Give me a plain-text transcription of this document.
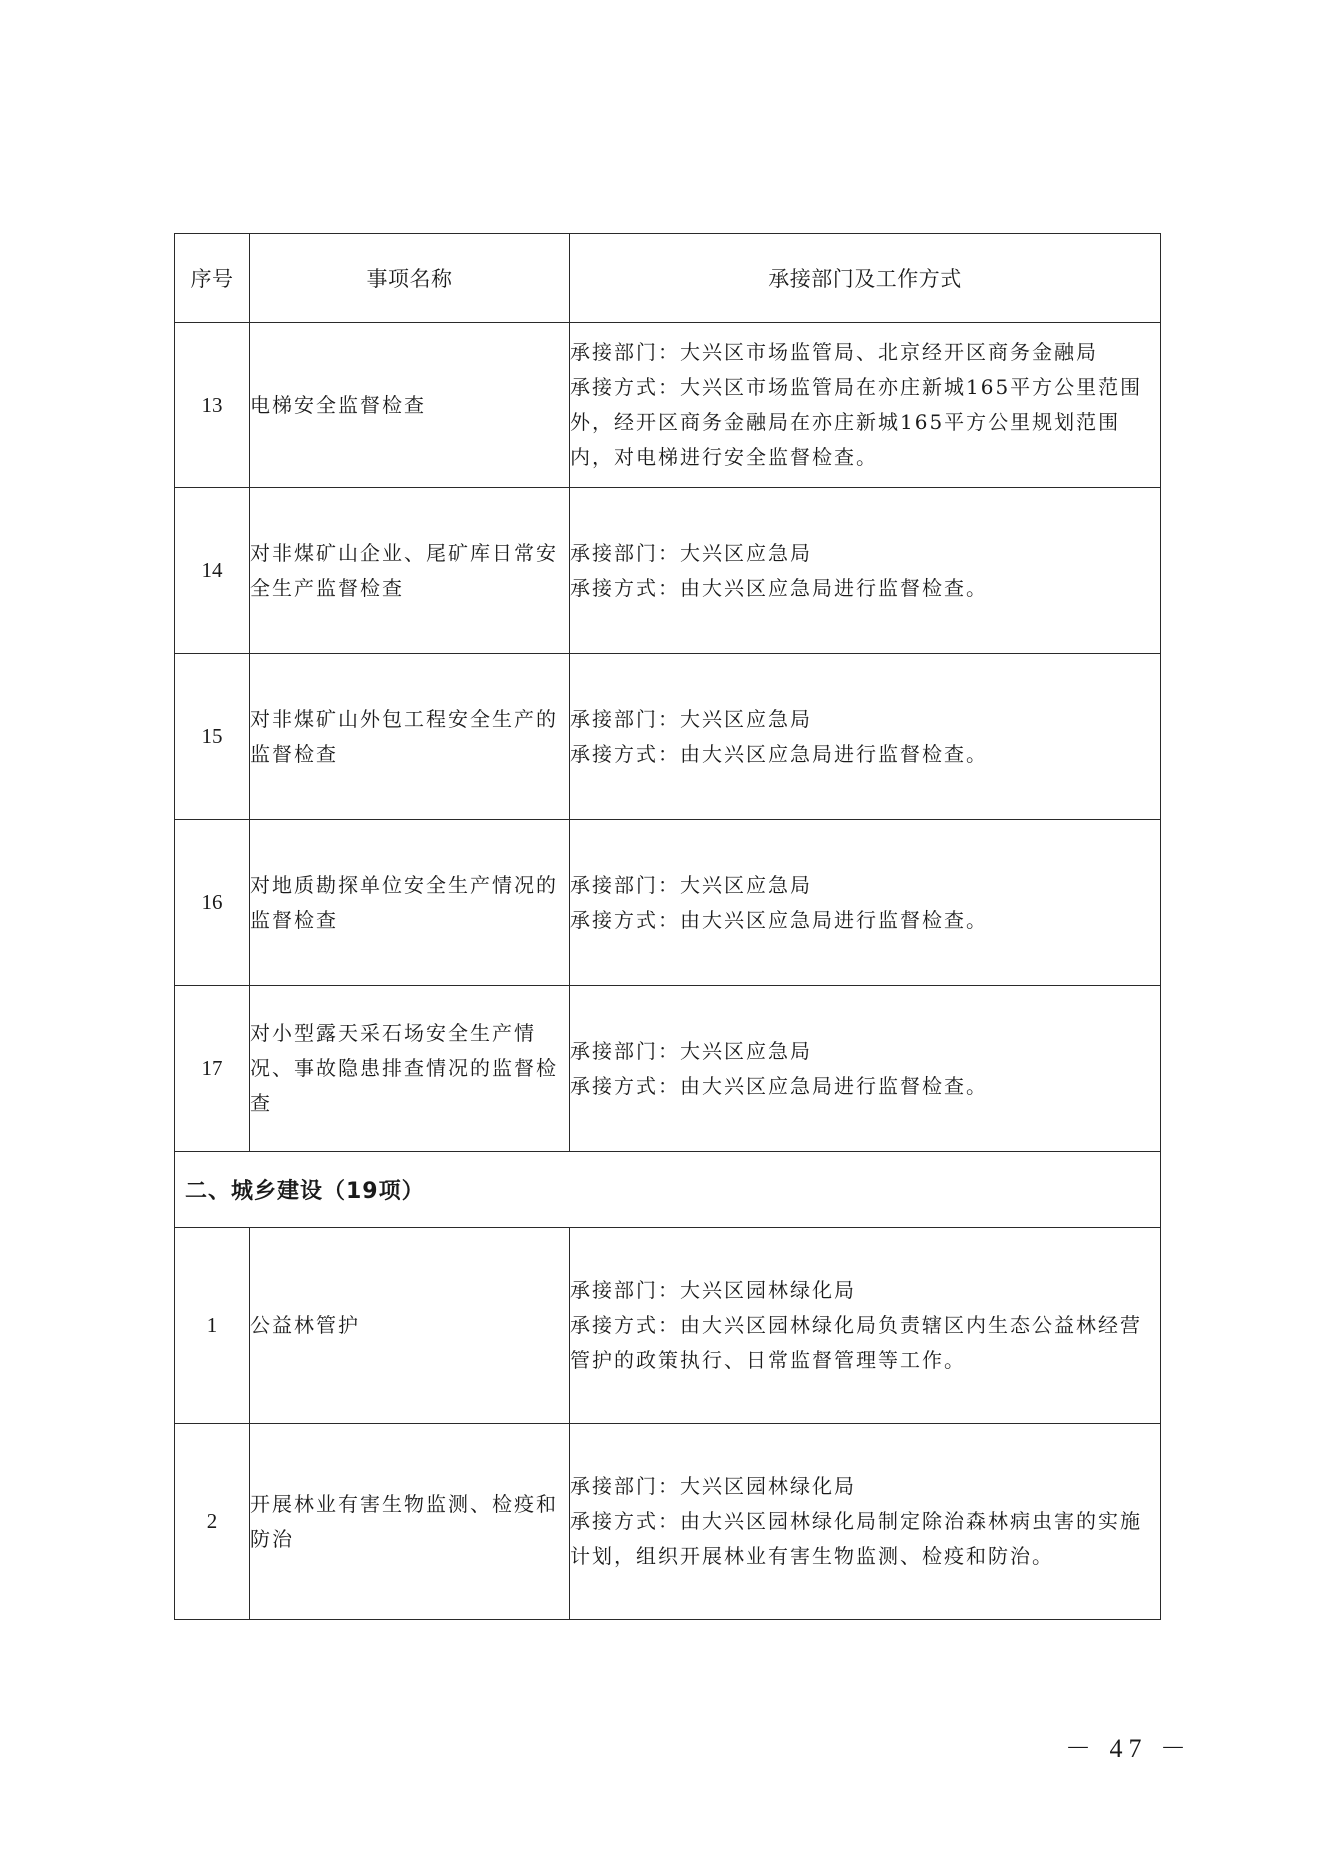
序号	事项名称	承接部门及工作方式
13	电梯安全监督检查	承接部门：大兴区市场监管局、北京经开区商务金融局
承接方式：大兴区市场监管局在亦庄新城165平方公里范围外，经开区商务金融局在亦庄新城165平方公里规划范围内，对电梯进行安全监督检查。

14	对非煤矿山企业、尾矿库日常安全生产监督检查	承接部门：大兴区应急局
承接方式：由大兴区应急局进行监督检查。

15	对非煤矿山外包工程安全生产的监督检查	承接部门：大兴区应急局
承接方式：由大兴区应急局进行监督检查。

16	对地质勘探单位安全生产情况的监督检查	承接部门：大兴区应急局
承接方式：由大兴区应急局进行监督检查。

17	对小型露天采石场安全生产情况、事故隐患排查情况的监督检查	承接部门：大兴区应急局
承接方式：由大兴区应急局进行监督检查。

二、城乡建设（19项）		
1	公益林管护	承接部门：大兴区园林绿化局
承接方式：由大兴区园林绿化局负责辖区内生态公益林经营管护的政策执行、日常监督管理等工作。

2	开展林业有害生物监测、检疫和防治	承接部门：大兴区园林绿化局
承接方式：由大兴区园林绿化局制定除治森林病虫害的实施计划，组织开展林业有害生物监测、检疫和防治。
－ 47 －
